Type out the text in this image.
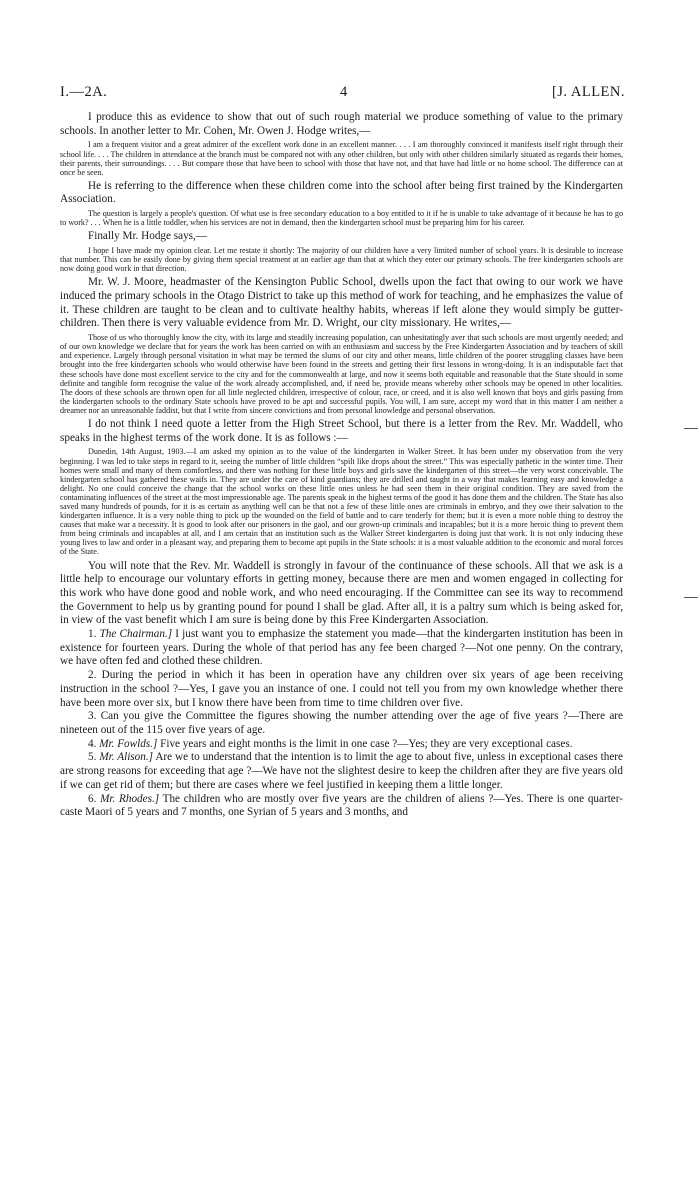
I.—2A.	4	[J. ALLEN.

I produce this as evidence to show that out of such rough material we produce something of value to the primary schools. In another letter to Mr. Cohen, Mr. Owen J. Hodge writes,—

I am a frequent visitor and a great admirer of the excellent work done in an excellent manner. . . . I am thoroughly convinced it manifests itself right through their school life. . . . The children in attendance at the branch must be compared not with any other children, but only with other children similarly situated as regards their homes, their parents, their surroundings. . . . But compare those that have been to school with those that have not, and that have had little or no home school. The difference can at once be seen.

He is referring to the difference when these children come into the school after being first trained by the Kindergarten Association.

The question is largely a people's question. Of what use is free secondary education to a boy entitled to it if he is unable to take advantage of it because he has to go to work? . . . When he is a little toddler, when his services are not in demand, then the kindergarten school must be preparing him for his career.

Finally Mr. Hodge says,—

I hope I have made my opinion clear. Let me restate it shortly: The majority of our children have a very limited number of school years. It is desirable to increase that number. This can be easily done by giving them special treatment at an earlier age than that at which they enter our primary schools. The free kindergarten schools are now doing good work in that direction.

Mr. W. J. Moore, headmaster of the Kensington Public School, dwells upon the fact that owing to our work we have induced the primary schools in the Otago District to take up this method of work for teaching, and he emphasizes the value of it. These children are taught to be clean and to cultivate healthy habits, whereas if left alone they would simply be gutter-children. Then there is very valuable evidence from Mr. D. Wright, our city missionary. He writes,—

Those of us who thoroughly know the city, with its large and steadily increasing population, can unhesitatingly aver that such schools are most urgently needed; and of our own knowledge we declare that for years the work has been carried on with an enthusiasm and success by the Free Kindergarten Association and by teachers of skill and experience. Largely through personal visitation in what may be termed the slums of our city and other means, little children of the poorer struggling classes have been brought into the free kindergarten schools who would otherwise have been found in the streets and getting their first lessons in wrong-doing. It is an indisputable fact that these schools have done most excellent service to the city and for the commonwealth at large, and now it seems both equitable and reasonable that the State should in some definite and tangible form recognise the value of the work already accomplished, and, if need be, provide means whereby other schools may be opened in other localities. The doors of these schools are thrown open for all little neglected children, irrespective of colour, race, or creed, and it is also well known that boys and girls passing from the kindergarten schools to the ordinary State schools have proved to be apt and successful pupils. You will, I am sure, accept my word that in this matter I am neither a dreamer nor an unreasonable faddist, but that I write from sincere convictions and from personal knowledge and personal observation.

I do not think I need quote a letter from the High Street School, but there is a letter from the Rev. Mr. Waddell, who speaks in the highest terms of the work done. It is as follows :—

Dunedin, 14th August, 1903.—I am asked my opinion as to the value of the kindergarten in Walker Street. It has been under my observation from the very beginning. I was led to take steps in regard to it, seeing the number of little children “spilt like drops about the street.” This was especially pathetic in the winter time. Their homes were small and many of them comfortless, and there was nothing for these little boys and girls save the kindergarten of this street—the very worst conceivable. The kindergarten school has gathered these waifs in. They are under the care of kind guardians; they are drilled and taught in a way that makes learning easy and knowledge a delight. No one could conceive the change that the school works on these little ones unless he had seen them in their original condition. They are saved from the contaminating influences of the street at the most impressionable age. The parents speak in the highest terms of the good it has done them and the children. The State has also saved many hundreds of pounds, for it is as certain as anything well can be that not a few of these little ones are criminals in embryo, and they owe their salvation to the kindergarten influence. It is a very noble thing to pick up the wounded on the field of battle and to care tenderly for them; but it is even a more noble thing to destroy the causes that make war a necessity. It is good to look after our prisoners in the gaol, and our grown-up criminals and incapables; but it is a more heroic thing to prevent them from being criminals and incapables at all, and I am certain that an institution such as the Walker Street kindergarten is doing just that work. It is not only inducing these young lives to law and order in a pleasant way, and preparing them to become apt pupils in the State schools: it is a most valuable addition to the economic and moral forces of the State.

You will note that the Rev. Mr. Waddell is strongly in favour of the continuance of these schools. All that we ask is a little help to encourage our voluntary efforts in getting money, because there are men and women engaged in collecting for this work who have done good and noble work, and who need encouraging. If the Committee can see its way to recommend the Government to help us by granting pound for pound I shall be glad. After all, it is a paltry sum which is being asked for, in view of the vast benefit which I am sure is being done by this Free Kindergarten Association.

1. The Chairman.] I just want you to emphasize the statement you made—that the kindergarten institution has been in existence for fourteen years. During the whole of that period has any fee been charged ?—Not one penny. On the contrary, we have often fed and clothed these children.

2. During the period in which it has been in operation have any children over six years of age been receiving instruction in the school ?—Yes, I gave you an instance of one. I could not tell you from my own knowledge whether there have been more over six, but I know there have been from time to time children over five.

3. Can you give the Committee the figures showing the number attending over the age of five years ?—There are nineteen out of the 115 over five years of age.

4. Mr. Fowlds.] Five years and eight months is the limit in one case ?—Yes; they are very exceptional cases.

5. Mr. Alison.] Are we to understand that the intention is to limit the age to about five, unless in exceptional cases there are strong reasons for exceeding that age ?—We have not the slightest desire to keep the children after they are five years old if we can get rid of them; but there are cases where we feel justified in keeping them a little longer.

6. Mr. Rhodes.] The children who are mostly over five years are the children of aliens ?—Yes. There is one quarter-caste Maori of 5 years and 7 months, one Syrian of 5 years and 3 months, and
